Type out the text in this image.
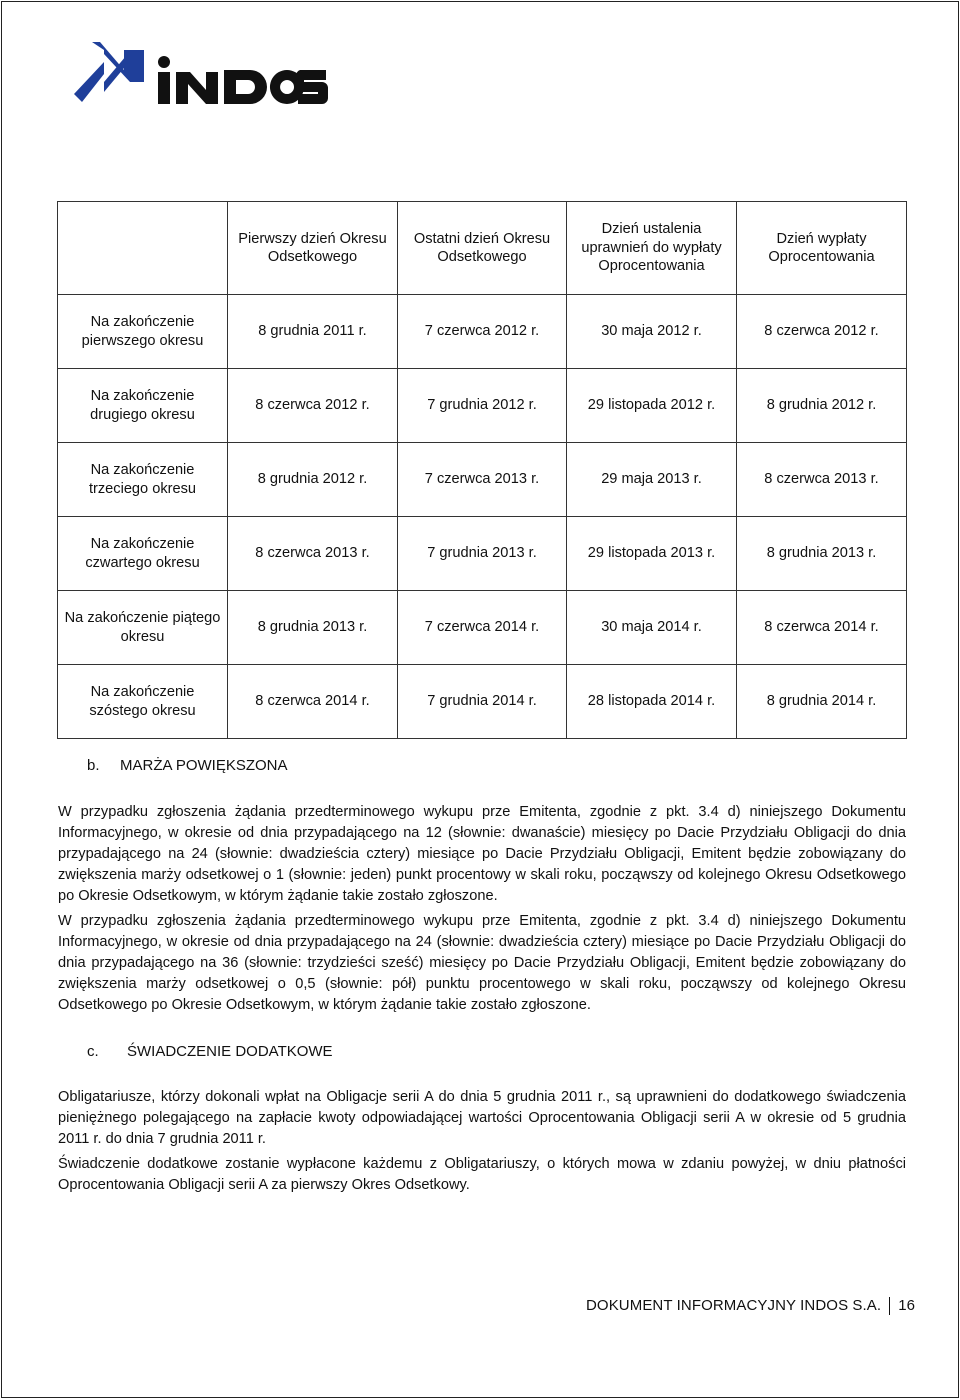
	Pierwszy dzień Okresu Odsetkowego	Ostatni dzień Okresu Odsetkowego	Dzień ustalenia uprawnień do wypłaty Oprocentowania	Dzień wypłaty Oprocentowania
Na zakończenie pierwszego okresu	8 grudnia 2011 r.	7 czerwca 2012 r.	30 maja 2012 r.	8 czerwca 2012 r.
Na zakończenie drugiego okresu	8 czerwca 2012 r.	7 grudnia 2012 r.	29 listopada 2012 r.	8 grudnia 2012 r.
Na zakończenie trzeciego okresu	8 grudnia 2012 r.	7 czerwca 2013 r.	29 maja 2013 r.	8 czerwca 2013 r.
Na zakończenie czwartego okresu	8 czerwca 2013 r.	7 grudnia 2013 r.	29 listopada 2013 r.	8 grudnia 2013 r.
Na zakończenie piątego okresu	8 grudnia 2013 r.	7 czerwca 2014 r.	30 maja 2014 r.	8 czerwca 2014 r.
Na zakończenie szóstego okresu	8 czerwca 2014 r.	7 grudnia 2014 r.	28 listopada 2014 r.	8 grudnia 2014 r.
b. MARŻA POWIĘKSZONA

W przypadku zgłoszenia żądania przedterminowego wykupu prze Emitenta, zgodnie z pkt. 3.4 d) niniejszego Dokumentu Informacyjnego, w okresie od dnia przypadającego na 12 (słownie: dwanaście) miesięcy po Dacie Przydziału Obligacji do dnia przypadającego na 24 (słownie: dwadzieścia cztery) miesiące po Dacie Przydziału Obligacji, Emitent będzie zobowiązany do zwiększenia marży odsetkowej o 1 (słownie: jeden) punkt procentowy w skali roku, począwszy od kolejnego Okresu Odsetkowego po Okresie Odsetkowym, w którym żądanie takie zostało zgłoszone.

W przypadku zgłoszenia żądania przedterminowego wykupu prze Emitenta, zgodnie z pkt. 3.4 d) niniejszego Dokumentu Informacyjnego, w okresie od dnia przypadającego na 24 (słownie: dwadzieścia cztery) miesiące po Dacie Przydziału Obligacji do dnia przypadającego na 36 (słownie: trzydzieści sześć) miesięcy po Dacie Przydziału Obligacji, Emitent będzie zobowiązany do zwiększenia marży odsetkowej o 0,5 (słownie: pół) punktu procentowego w skali roku, począwszy od kolejnego Okresu Odsetkowego po Okresie Odsetkowym, w którym żądanie takie zostało zgłoszone.

c. ŚWIADCZENIE DODATKOWE

Obligatariusze, którzy dokonali wpłat na Obligacje serii A do dnia 5 grudnia 2011 r., są uprawnieni do dodatkowego świadczenia pieniężnego polegającego na zapłacie kwoty odpowiadającej wartości Oprocentowania Obligacji serii A w okresie od 5 grudnia 2011 r. do dnia 7 grudnia 2011 r.

Świadczenie dodatkowe zostanie wypłacone każdemu z Obligatariuszy, o których mowa w zdaniu powyżej, w dniu płatności Oprocentowania Obligacji serii A za pierwszy Okres Odsetkowy.

DOKUMENT INFORMACYJNY INDOS S.A. 16
